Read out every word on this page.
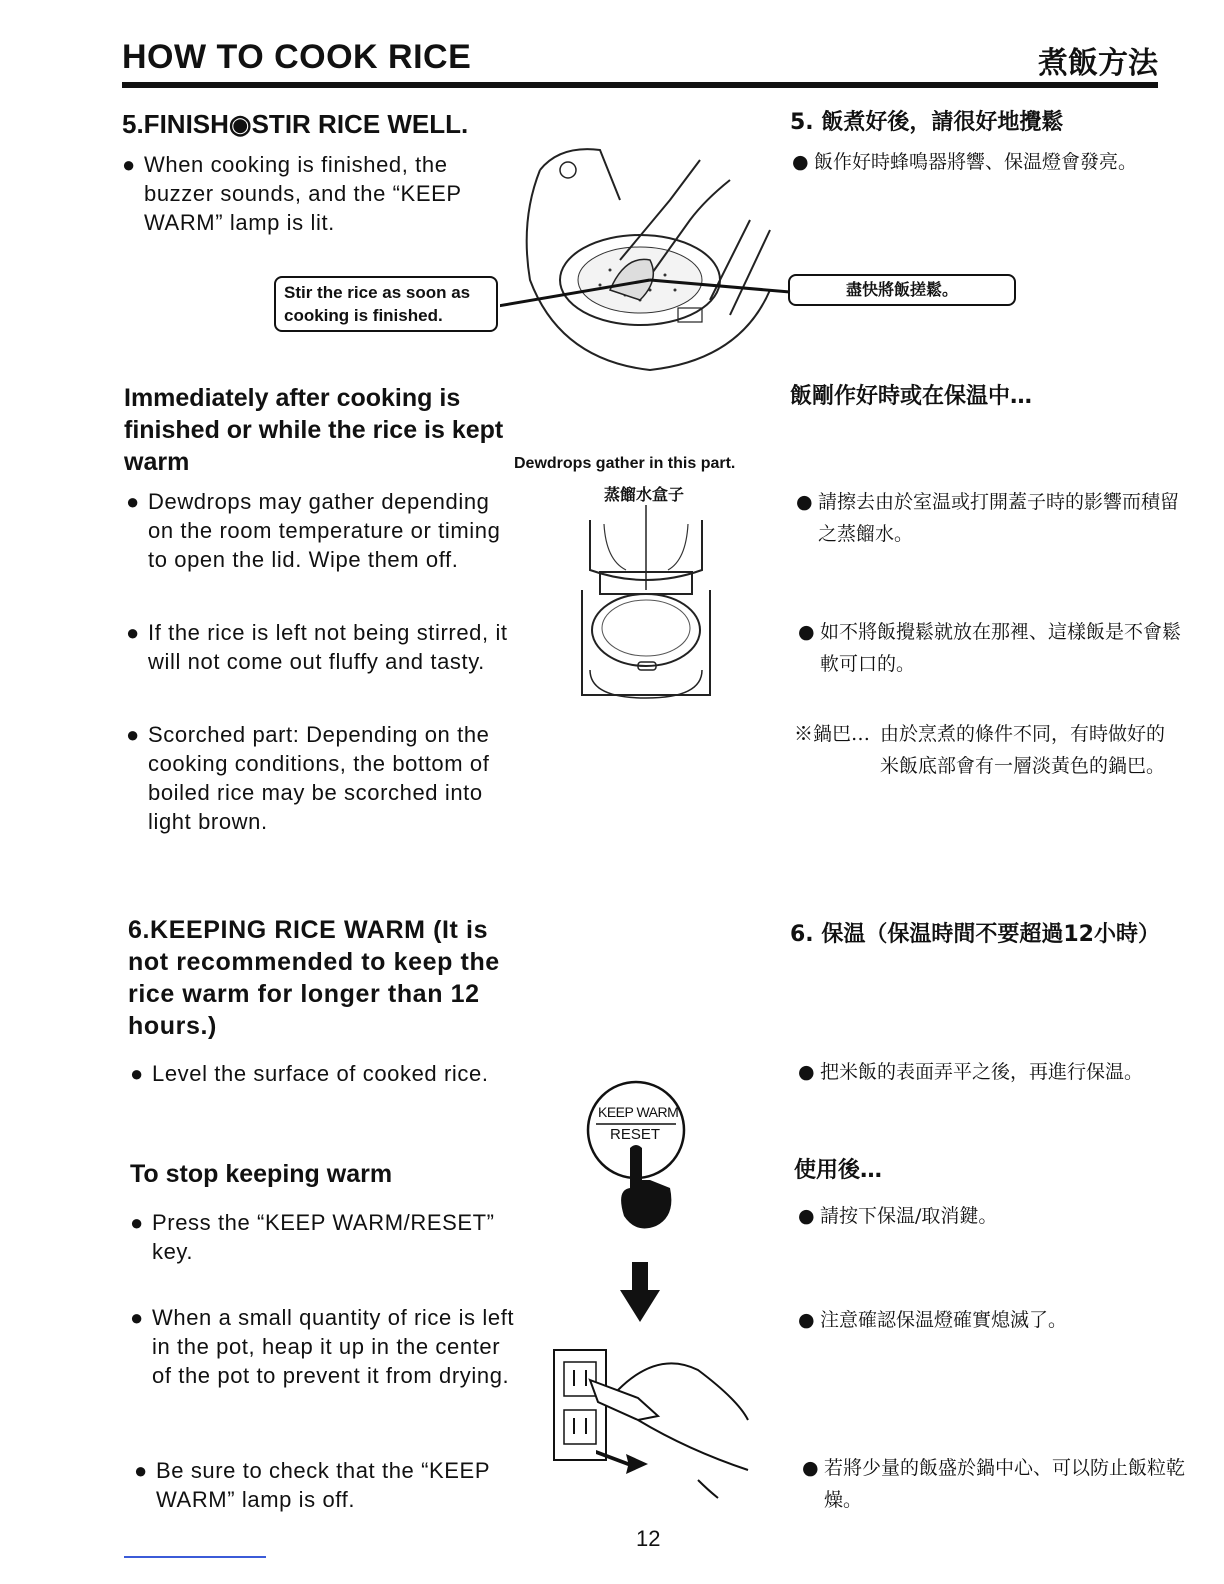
HOW TO COOK RICE	煮飯方法
5.FINISH◉STIR RICE WELL.
● When cooking is finished, the buzzer sounds, and the “KEEP WARM” lamp is lit.
Stir the rice as soon as cooking is finished.
5. 飯煮好後，請很好地攪鬆
● 飯作好時蜂鳴器將響、保温燈會發亮。
盡快將飯搓鬆。
Immediately after cooking is finished or while the rice is kept warm
飯剛作好時或在保温中…
Dewdrops gather in this part.
蒸餾水盒子
● Dewdrops may gather depending on the room temperature or timing to open the lid. Wipe them off.
● If the rice is left not being stirred, it will not come out fluffy and tasty.
● Scorched part: Depending on the cooking conditions, the bottom of boiled rice may be scorched into light brown.
● 請擦去由於室温或打開蓋子時的影響而積留之蒸餾水。
● 如不將飯攪鬆就放在那裡、這樣飯是不會鬆軟可口的。
※鍋巴… 由於烹煮的條件不同，有時做好的米飯底部會有一層淡黃色的鍋巴。
6.KEEPING RICE WARM (It is not recommended to keep the rice warm for longer than 12 hours.)
6. 保温（保温時間不要超過12小時）
● Level the surface of cooked rice.	● 把米飯的表面弄平之後，再進行保温。
To stop keeping warm	使用後…
● Press the “KEEP WARM/RESET” key.
● 請按下保温/取消鍵。
● When a small quantity of rice is left in the pot, heap it up in the center of the pot to prevent it from drying.
● 注意確認保温燈確實熄滅了。
● Be sure to check that the “KEEP WARM” lamp is off.
● 若將少量的飯盛於鍋中心、可以防止飯粒乾燥。
KEEP WARM
RESET
12
